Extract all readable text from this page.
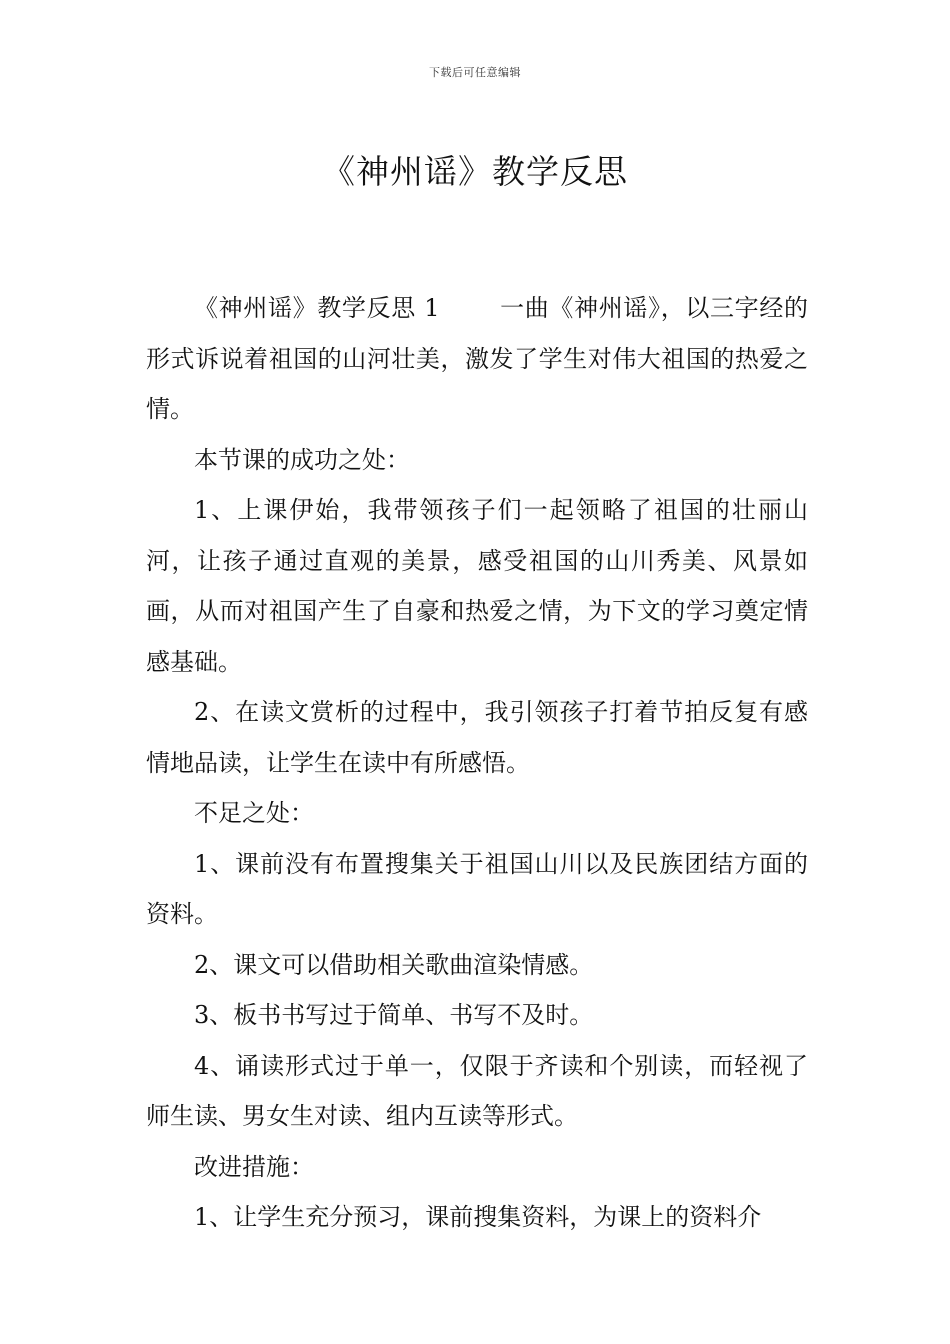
下载后可任意编辑
《神州谣》教学反思

《神州谣》教学反思 1	一曲《神州谣》，以三字经的形式诉说着祖国的山河壮美，激发了学生对伟大祖国的热爱之情。

本节课的成功之处：

1、上课伊始，我带领孩子们一起领略了祖国的壮丽山河，让孩子通过直观的美景，感受祖国的山川秀美、风景如画，从而对祖国产生了自豪和热爱之情，为下文的学习奠定情感基础。

2、在读文赏析的过程中，我引领孩子打着节拍反复有感情地品读，让学生在读中有所感悟。

不足之处：

1、课前没有布置搜集关于祖国山川以及民族团结方面的资料。

2、课文可以借助相关歌曲渲染情感。

3、板书书写过于简单、书写不及时。

4、诵读形式过于单一，仅限于齐读和个别读，而轻视了师生读、男女生对读、组内互读等形式。

改进措施：

1、让学生充分预习，课前搜集资料，为课上的资料介
